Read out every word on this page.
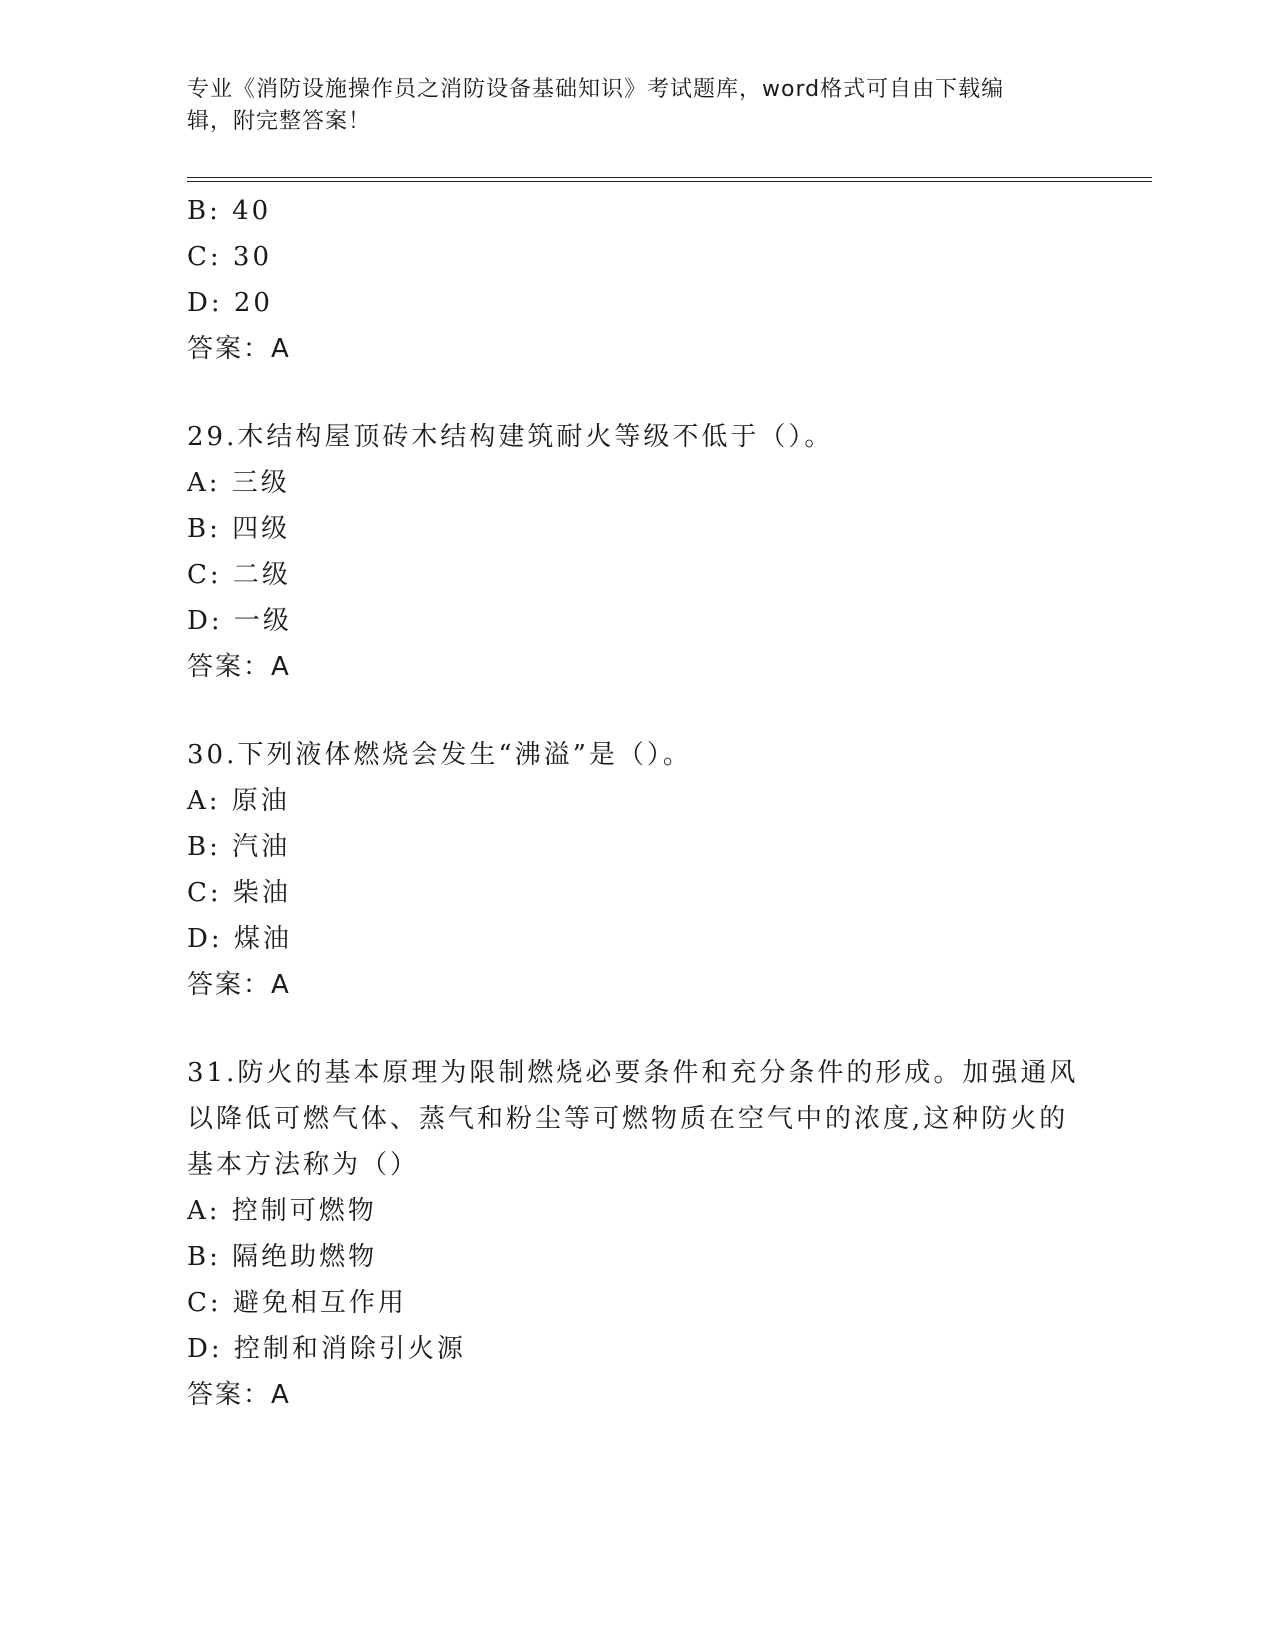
专业《消防设施操作员之消防设备基础知识》考试题库，word格式可自由下载编
辑，附完整答案！
B: 40
C: 30
D: 20
答案：A
29.木结构屋顶砖木结构建筑耐火等级不低于（）。
A: 三级
B: 四级
C: 二级
D: 一级
答案：A
30.下列液体燃烧会发生“沸溢”是（）。
A: 原油
B: 汽油
C: 柴油
D: 煤油
答案：A
31.防火的基本原理为限制燃烧必要条件和充分条件的形成。加强通风
以降低可燃气体、蒸气和粉尘等可燃物质在空气中的浓度,这种防火的
基本方法称为（）
A: 控制可燃物
B: 隔绝助燃物
C: 避免相互作用
D: 控制和消除引火源
答案：A
